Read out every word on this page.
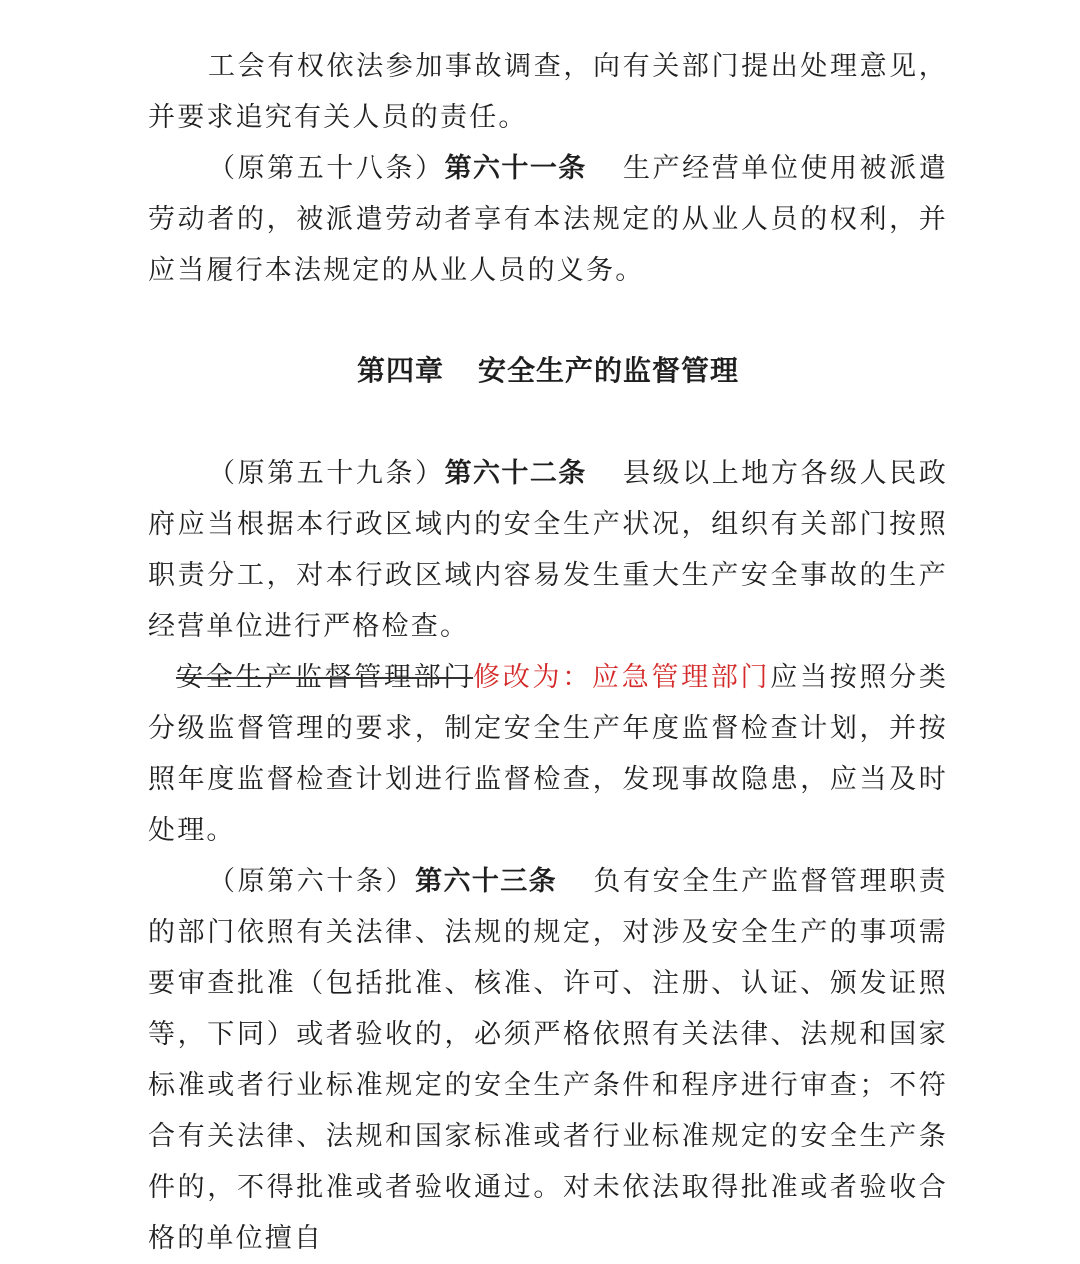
工会有权依法参加事故调查，向有关部门提出处理意见，并要求追究有关人员的责任。

（原第五十八条）第六十一条 生产经营单位使用被派遣劳动者的，被派遣劳动者享有本法规定的从业人员的权利，并应当履行本法规定的从业人员的义务。

第四章 安全生产的监督管理

（原第五十九条）第六十二条 县级以上地方各级人民政府应当根据本行政区域内的安全生产状况，组织有关部门按照职责分工，对本行政区域内容易发生重大生产安全事故的生产经营单位进行严格检查。

安全生产监督管理部门修改为：应急管理部门应当按照分类分级监督管理的要求，制定安全生产年度监督检查计划，并按照年度监督检查计划进行监督检查，发现事故隐患，应当及时处理。

（原第六十条）第六十三条 负有安全生产监督管理职责的部门依照有关法律、法规的规定，对涉及安全生产的事项需要审查批准（包括批准、核准、许可、注册、认证、颁发证照等，下同）或者验收的，必须严格依照有关法律、法规和国家标准或者行业标准规定的安全生产条件和程序进行审查；不符合有关法律、法规和国家标准或者行业标准规定的安全生产条件的，不得批准或者验收通过。对未依法取得批准或者验收合格的单位擅自
